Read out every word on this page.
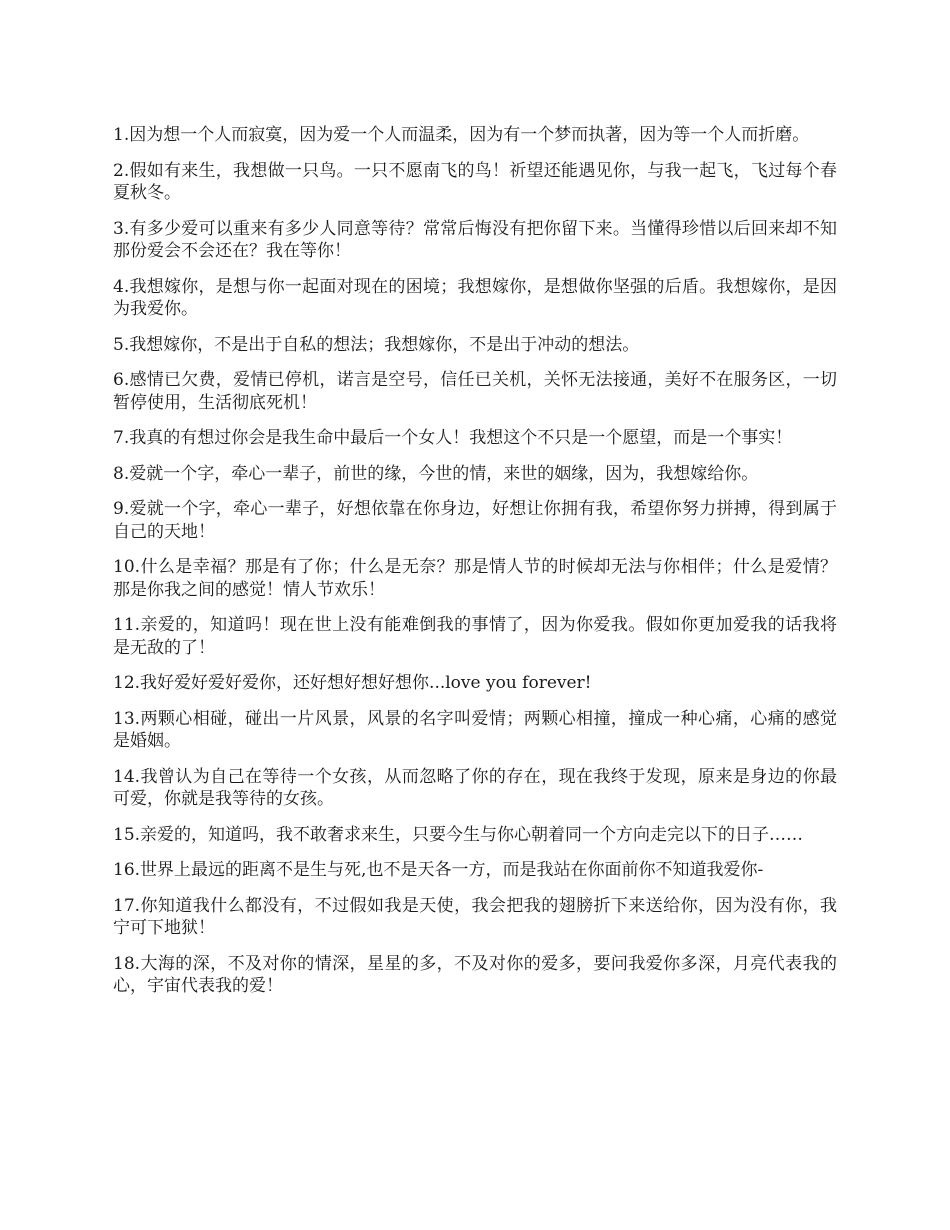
1.因为想一个人而寂寞，因为爱一个人而温柔，因为有一个梦而执著，因为等一个人而折磨。

2.假如有来生，我想做一只鸟。一只不愿南飞的鸟！祈望还能遇见你，与我一起飞，飞过每个春夏秋冬。

3.有多少爱可以重来有多少人同意等待？常常后悔没有把你留下来。当懂得珍惜以后回来却不知那份爱会不会还在？我在等你！

4.我想嫁你，是想与你一起面对现在的困境；我想嫁你，是想做你坚强的后盾。我想嫁你，是因为我爱你。

5.我想嫁你，不是出于自私的想法；我想嫁你，不是出于冲动的想法。

6.感情已欠费，爱情已停机，诺言是空号，信任已关机，关怀无法接通，美好不在服务区，一切暂停使用，生活彻底死机！

7.我真的有想过你会是我生命中最后一个女人！我想这个不只是一个愿望，而是一个事实！

8.爱就一个字，牵心一辈子，前世的缘，今世的情，来世的姻缘，因为，我想嫁给你。

9.爱就一个字，牵心一辈子，好想依靠在你身边，好想让你拥有我，希望你努力拼搏，得到属于自己的天地！

10.什么是幸福？那是有了你；什么是无奈？那是情人节的时候却无法与你相伴；什么是爱情？那是你我之间的感觉！情人节欢乐！

11.亲爱的，知道吗！现在世上没有能难倒我的事情了，因为你爱我。假如你更加爱我的话我将是无敌的了！

12.我好爱好爱好爱你，还好想好想好想你...love you forever!

13.两颗心相碰，碰出一片风景，风景的名字叫爱情；两颗心相撞，撞成一种心痛，心痛的感觉是婚姻。

14.我曾认为自己在等待一个女孩，从而忽略了你的存在，现在我终于发现，原来是身边的你最可爱，你就是我等待的女孩。

15.亲爱的，知道吗，我不敢奢求来生，只要今生与你心朝着同一个方向走完以下的日子……

16.世界上最远的距离不是生与死,也不是天各一方，而是我站在你面前你不知道我爱你-

17.你知道我什么都没有，不过假如我是天使，我会把我的翅膀折下来送给你，因为没有你，我宁可下地狱！

18.大海的深，不及对你的情深，星星的多，不及对你的爱多，要问我爱你多深，月亮代表我的心，宇宙代表我的爱！
